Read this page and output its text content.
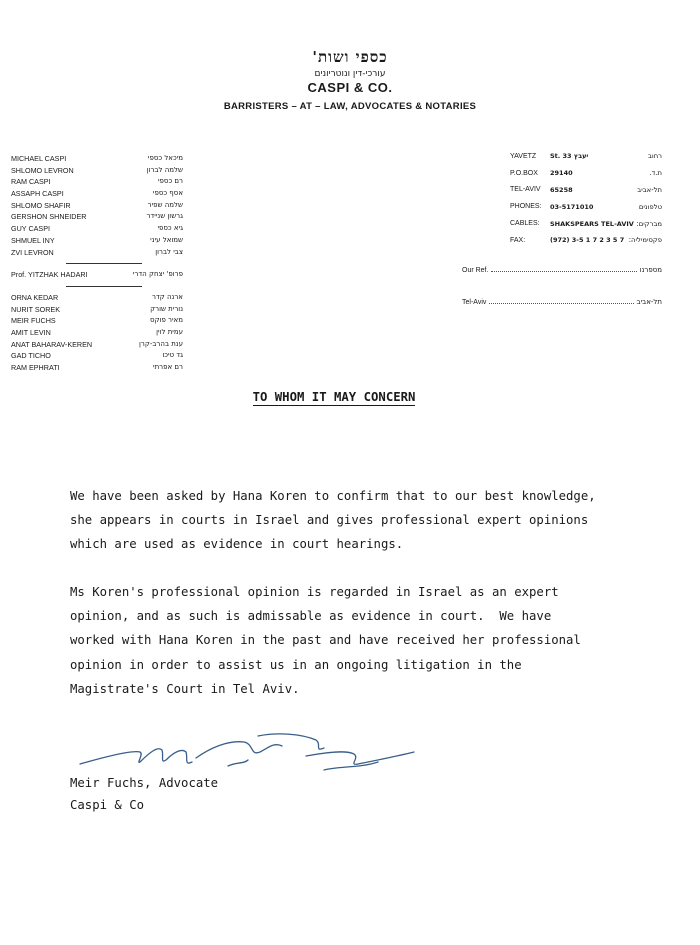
כספי ושות'
עורכי-דין ונוטריונים
CASPI & CO.
BARRISTERS – AT – LAW, ADVOCATES & NOTARIES
MICHAEL CASPI	מיכאל כספי
SHLOMO LEVRON	שלמה לברון
RAM CASPI	רם כספי
ASSAPH CASPI	אסף כספי
SHLOMO SHAFIR	שלמה שפיר
GERSHON SHNEIDER	גרשון שניידר
GUY CASPI	גיא כספי
SHMUEL INY	שמואל עיני
ZVI LEVRON	צבי לברון
Prof. YITZHAK HADARI	פרופ' יצחק הדרי
ORNA KEDAR	ארנה קדר
NURIT SOREK	נורית שורק
MEIR FUCHS	מאיר פוקס
AMIT LEVIN	עמית לוין
ANAT BAHARAV-KEREN	ענת בהרב-קרן
GAD TICHO	גד טיכו
RAM EPHRATI	רם אפרתי
YAVETZ	St. 33 יעבץ	רחוב
P.O.BOX	29140	ת.ד.
TEL-AVIV	65258	תל-אביב
PHONES:	03-5171010	טלפונים
CABLES:	SHAKSPEARS TEL-AVIV מברקים:
FAX:	(972) 3-5 1 7 2 3 5 7 פקסימיליה:
Our Ref.	מספרנו
Tel-Aviv	תל-אביב
TO WHOM IT MAY CONCERN
We have been asked by Hana Koren to confirm that to our best knowledge,
she appears in courts in Israel and gives professional expert opinions
which are used as evidence in court hearings.
Ms Koren's professional opinion is regarded in Israel as an expert
opinion, and as such is admissable as evidence in court.  We have
worked with Hana Koren in the past and have received her professional
opinion in order to assist us in an ongoing litigation in the
Magistrate's Court in Tel Aviv.
Meir Fuchs, Advocate
Caspi & Co
